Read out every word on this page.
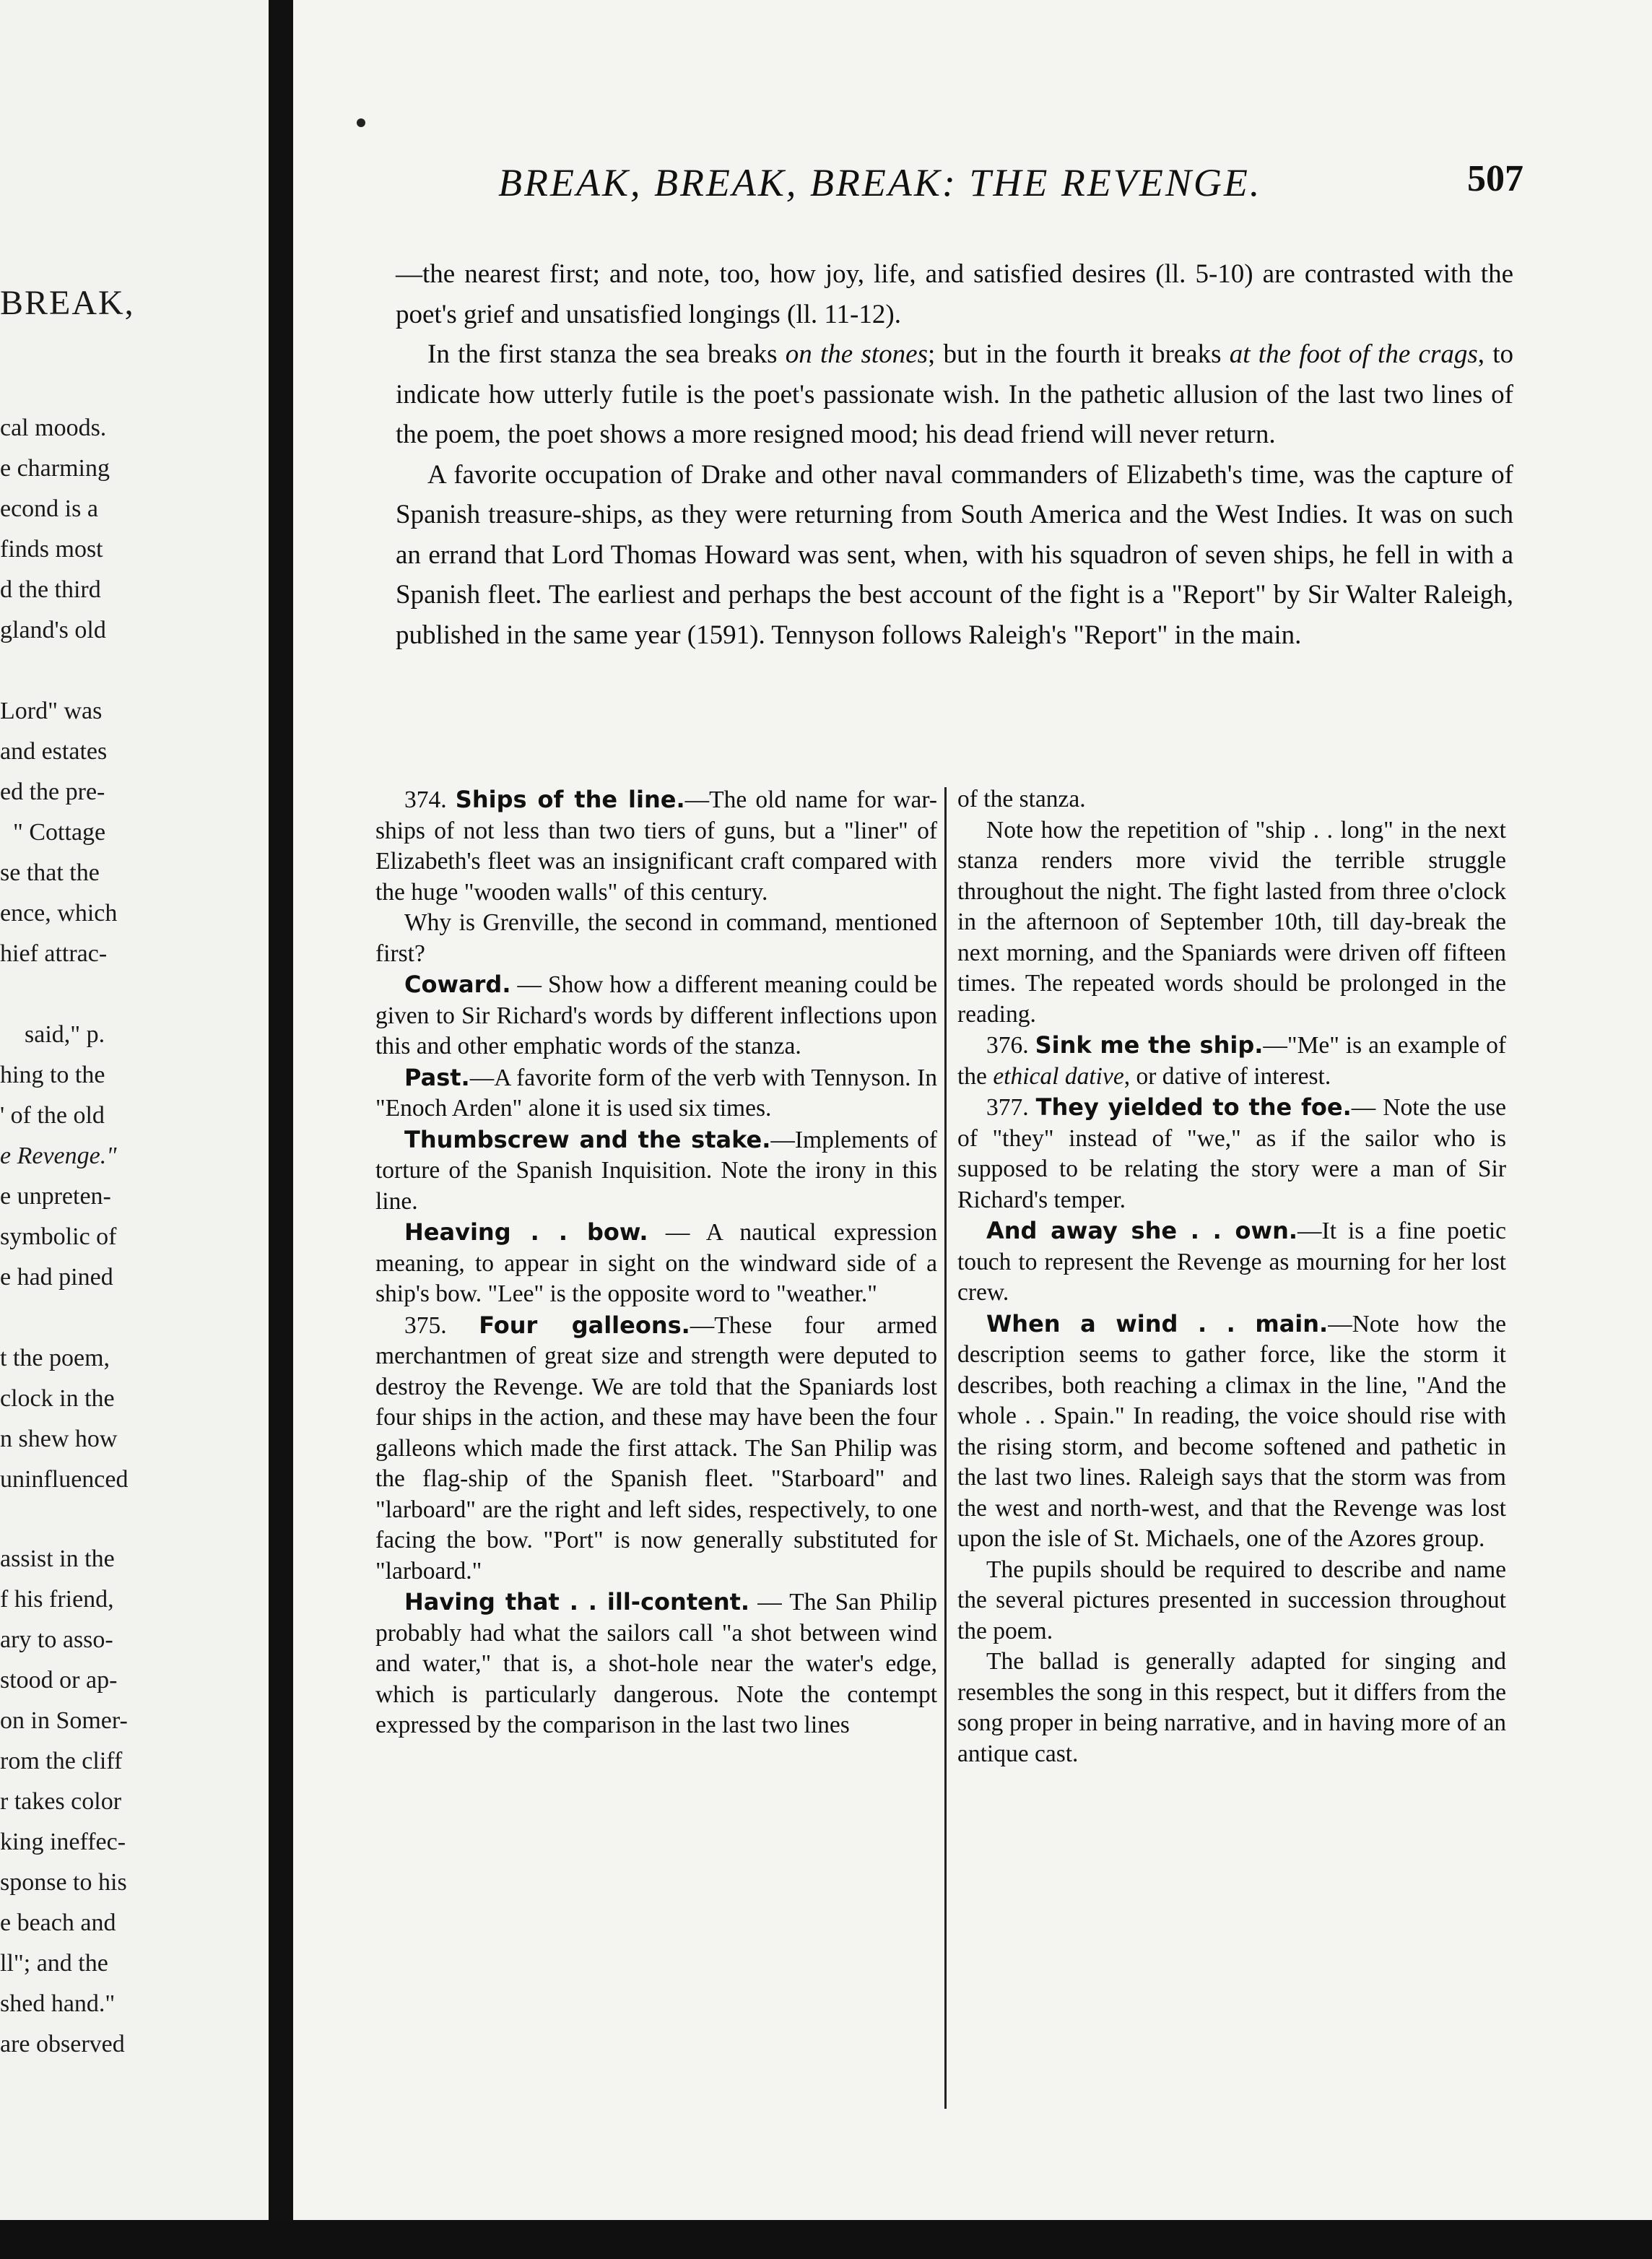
BREAK,
cal moods.
e charming
econd is a
finds most
d the third
gland's old
Lord" was
and estates
ed the pre-
" Cottage
se that the
ence, which
hief attrac-
said," p.
hing to the
' of the old
e Revenge."
e unpreten-
symbolic of
e had pined
t the poem,
clock in the
n shew how
uninfluenced
assist in the
f his friend,
ary to asso-
stood or ap-
on in Somer-
rom the cliff
r takes color
king ineffec-
sponse to his
e beach and
ll"; and the
shed hand."
are observed
BREAK, BREAK, BREAK: THE REVENGE.	507

—the nearest first; and note, too, how joy, life, and satisfied desires (ll. 5-10) are contrasted with the poet's grief and unsatisfied longings (ll. 11-12).

In the first stanza the sea breaks on the stones; but in the fourth it breaks at the foot of the crags, to indicate how utterly futile is the poet's passionate wish. In the pathetic allusion of the last two lines of the poem, the poet shows a more resigned mood; his dead friend will never return.

A favorite occupation of Drake and other naval commanders of Elizabeth's time, was the capture of Spanish treasure-ships, as they were returning from South America and the West Indies. It was on such an errand that Lord Thomas Howard was sent, when, with his squadron of seven ships, he fell in with a Spanish fleet. The earliest and perhaps the best account of the fight is a "Report" by Sir Walter Raleigh, published in the same year (1591). Tennyson follows Raleigh's "Report" in the main.

374. Ships of the line.—The old name for war-ships of not less than two tiers of guns, but a "liner" of Elizabeth's fleet was an insignificant craft compared with the huge "wooden walls" of this century.

Why is Grenville, the second in command, mentioned first?

Coward. — Show how a different meaning could be given to Sir Richard's words by different inflections upon this and other emphatic words of the stanza.

Past.—A favorite form of the verb with Tennyson. In "Enoch Arden" alone it is used six times.

Thumbscrew and the stake.—Implements of torture of the Spanish Inquisition. Note the irony in this line.

Heaving . . bow. — A nautical expression meaning, to appear in sight on the windward side of a ship's bow. "Lee" is the opposite word to "weather."

375. Four galleons.—These four armed merchantmen of great size and strength were deputed to destroy the Revenge. We are told that the Spaniards lost four ships in the action, and these may have been the four galleons which made the first attack. The San Philip was the flag-ship of the Spanish fleet. "Starboard" and "larboard" are the right and left sides, respectively, to one facing the bow. "Port" is now generally substituted for "larboard."

Having that . . ill-content. — The San Philip probably had what the sailors call "a shot between wind and water," that is, a shot-hole near the water's edge, which is particularly dangerous. Note the contempt expressed by the comparison in the last two lines

of the stanza.

Note how the repetition of "ship . . long" in the next stanza renders more vivid the terrible struggle throughout the night. The fight lasted from three o'clock in the afternoon of September 10th, till day-break the next morning, and the Spaniards were driven off fifteen times. The repeated words should be prolonged in the reading.

376. Sink me the ship.—"Me" is an example of the ethical dative, or dative of interest.

377. They yielded to the foe.— Note the use of "they" instead of "we," as if the sailor who is supposed to be relating the story were a man of Sir Richard's temper.

And away she . . own.—It is a fine poetic touch to represent the Revenge as mourning for her lost crew.

When a wind . . main.—Note how the description seems to gather force, like the storm it describes, both reaching a climax in the line, "And the whole . . Spain." In reading, the voice should rise with the rising storm, and become softened and pathetic in the last two lines. Raleigh says that the storm was from the west and north-west, and that the Revenge was lost upon the isle of St. Michaels, one of the Azores group.

The pupils should be required to describe and name the several pictures presented in succession throughout the poem.

The ballad is generally adapted for singing and resembles the song in this respect, but it differs from the song proper in being narrative, and in having more of an antique cast.
